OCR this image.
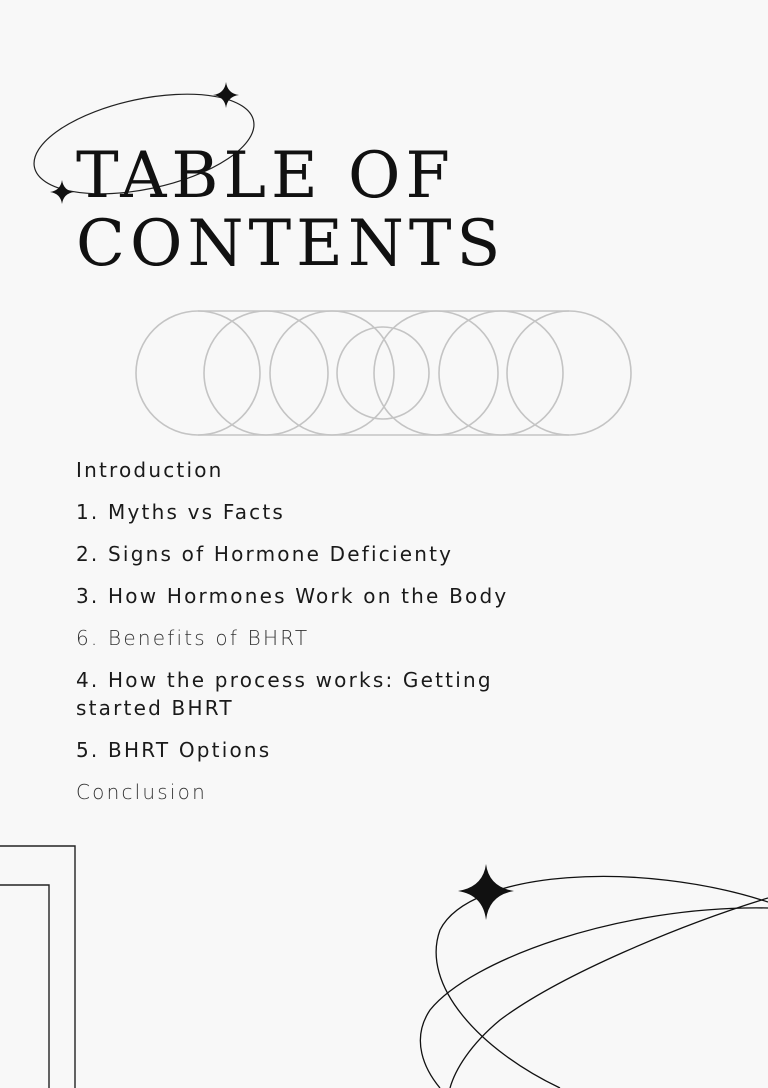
TABLE OF
CONTENTS
Introduction
1. Myths vs Facts
2. Signs of Hormone Deficienty
3. How Hormones Work on the Body
6. Benefits of BHRT
4. How the process works: Getting started BHRT
5. BHRT Options
Conclusion
